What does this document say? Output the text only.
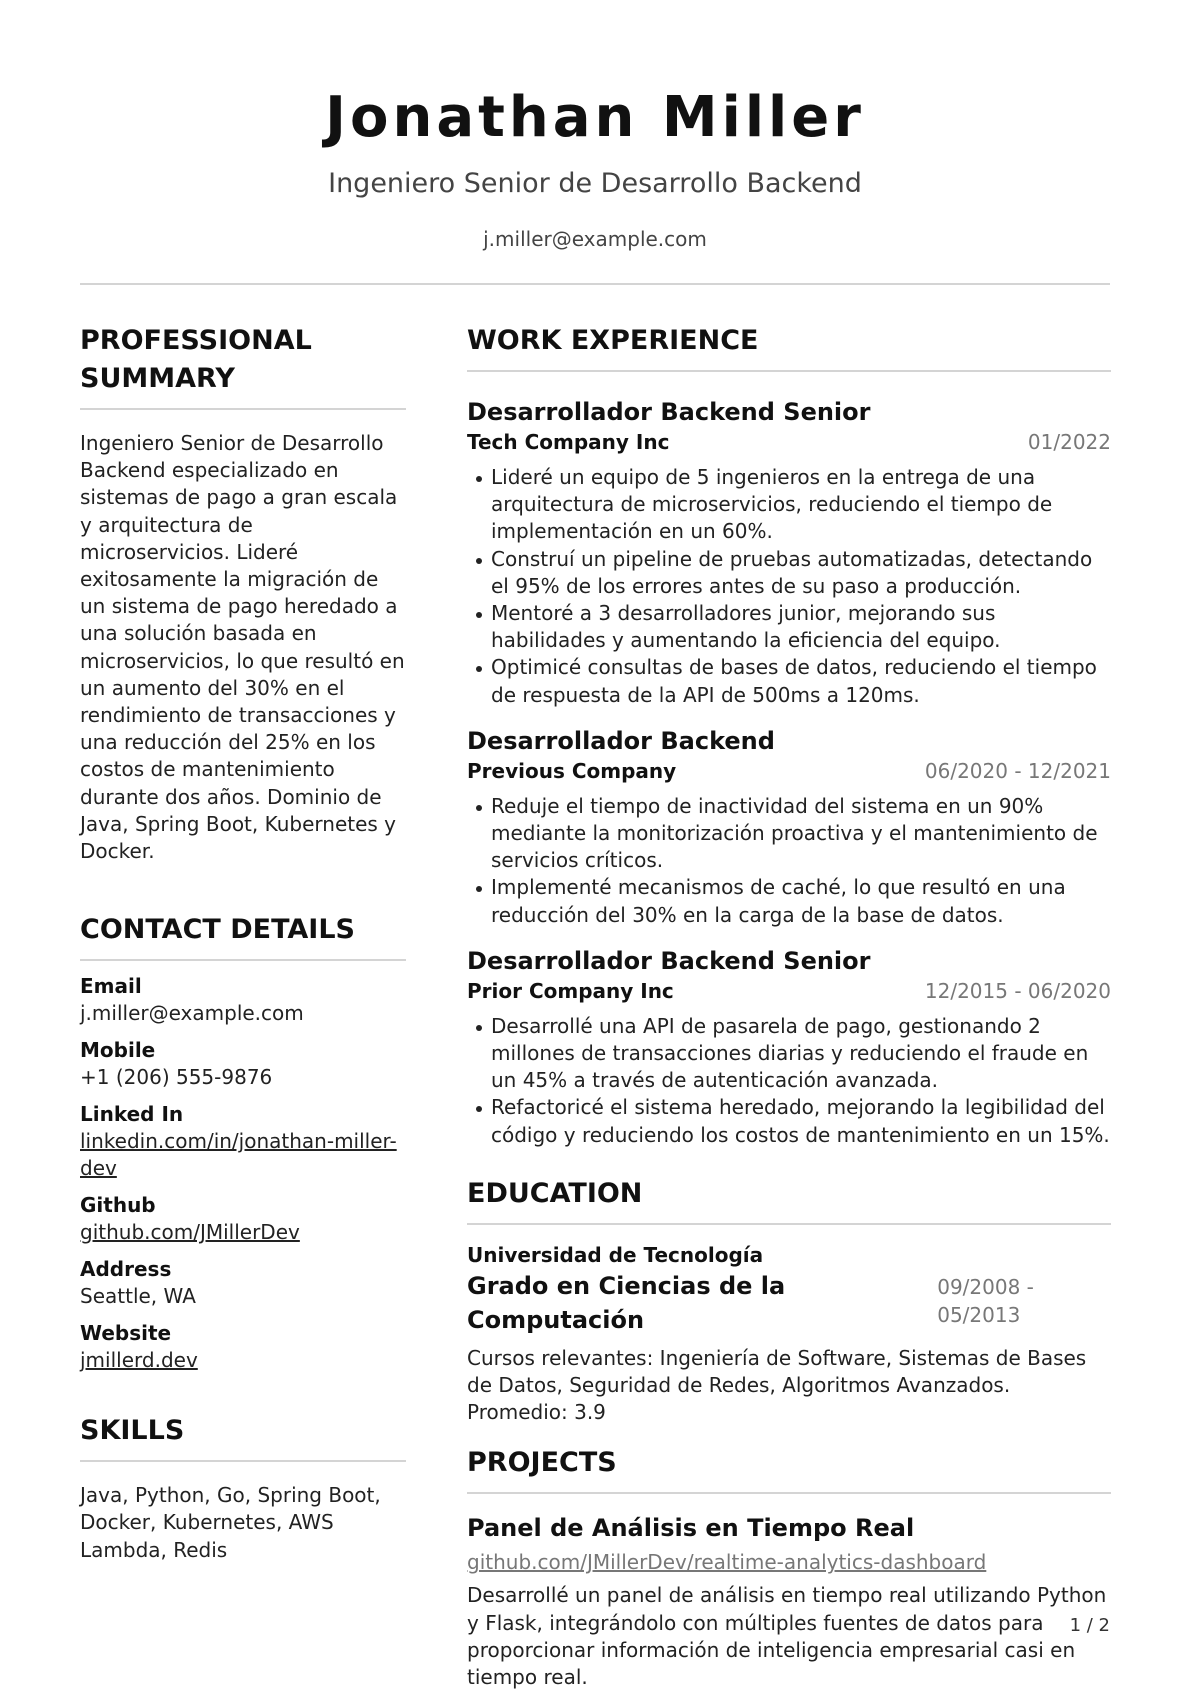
Jonathan Miller
Ingeniero Senior de Desarrollo Backend
j.miller@example.com
PROFESSIONAL SUMMARY
Ingeniero Senior de Desarrollo Backend especializado en sistemas de pago a gran escala y arquitectura de microservicios. Lideré exitosamente la migración de un sistema de pago heredado a una solución basada en microservicios, lo que resultó en un aumento del 30% en el rendimiento de transacciones y una reducción del 25% en los costos de mantenimiento durante dos años. Dominio de Java, Spring Boot, Kubernetes y Docker.
CONTACT DETAILS
Email
j.miller@example.com
Mobile
+1 (206) 555-9876
Linked In
linkedin.com/in/jonathan-miller-dev
Github
github.com/JMillerDev
Address
Seattle, WA
Website
jmillerd.dev
SKILLS
Java, Python, Go, Spring Boot, Docker, Kubernetes, AWS Lambda, Redis
WORK EXPERIENCE
Desarrollador Backend Senior
Tech Company Inc	01/2022
Lideré un equipo de 5 ingenieros en la entrega de una arquitectura de microservicios, reduciendo el tiempo de implementación en un 60%.
Construí un pipeline de pruebas automatizadas, detectando el 95% de los errores antes de su paso a producción.
Mentoré a 3 desarrolladores junior, mejorando sus habilidades y aumentando la eficiencia del equipo.
Optimicé consultas de bases de datos, reduciendo el tiempo de respuesta de la API de 500ms a 120ms.
Desarrollador Backend
Previous Company	06/2020 - 12/2021
Reduje el tiempo de inactividad del sistema en un 90% mediante la monitorización proactiva y el mantenimiento de servicios críticos.
Implementé mecanismos de caché, lo que resultó en una reducción del 30% en la carga de la base de datos.
Desarrollador Backend Senior
Prior Company Inc	12/2015 - 06/2020
Desarrollé una API de pasarela de pago, gestionando 2 millones de transacciones diarias y reduciendo el fraude en un 45% a través de autenticación avanzada.
Refactoricé el sistema heredado, mejorando la legibilidad del código y reduciendo los costos de mantenimiento en un 15%.
EDUCATION
Universidad de Tecnología
Grado en Ciencias de la Computación
09/2008 - 05/2013
Cursos relevantes: Ingeniería de Software, Sistemas de Bases de Datos, Seguridad de Redes, Algoritmos Avanzados. Promedio: 3.9
PROJECTS
Panel de Análisis en Tiempo Real
github.com/JMillerDev/realtime-analytics-dashboard
Desarrollé un panel de análisis en tiempo real utilizando Python y Flask, integrándolo con múltiples fuentes de datos para proporcionar información de inteligencia empresarial casi en tiempo real.
1 / 2
